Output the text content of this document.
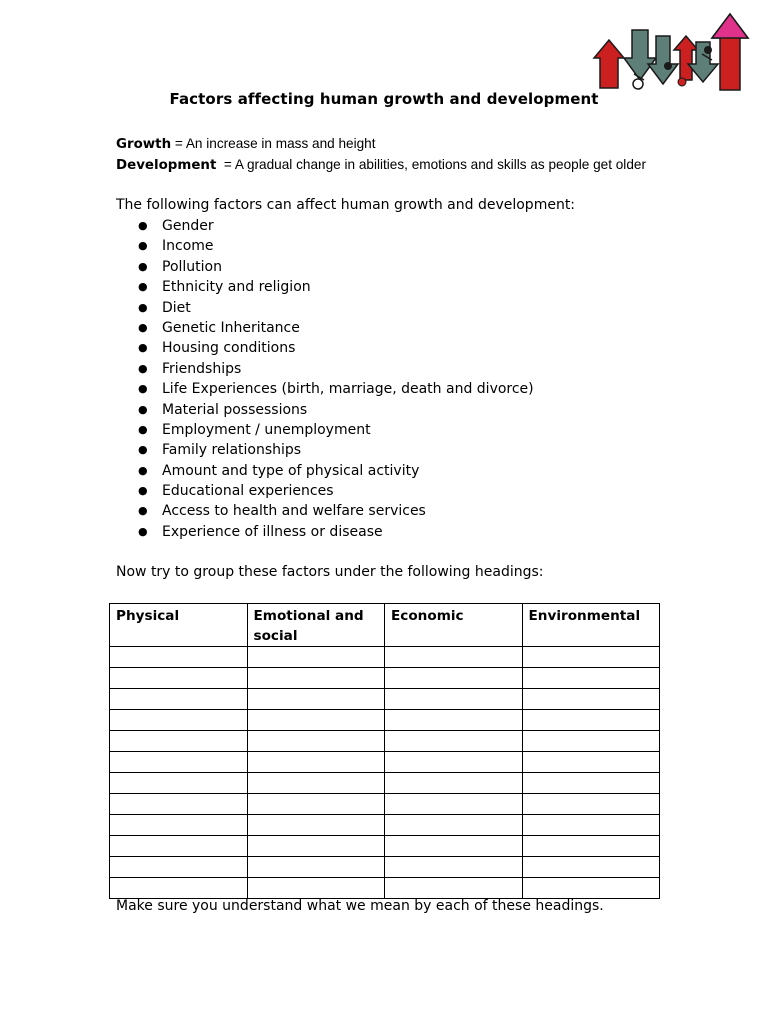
Factors affecting human growth and development
Growth = An increase in mass and height
Development  = A gradual change in abilities, emotions and skills as people get older
The following factors can affect human growth and development:
● Gender
● Income
● Pollution
● Ethnicity and religion
● Diet
● Genetic Inheritance
● Housing conditions
● Friendships
● Life Experiences (birth, marriage, death and divorce)
● Material possessions
● Employment / unemployment
● Family relationships
● Amount and type of physical activity
● Educational experiences
● Access to health and welfare services
● Experience of illness or disease
Now try to group these factors under the following headings:
Physical	Emotional and social	Economic	Environmental

Make sure you understand what we mean by each of these headings.
